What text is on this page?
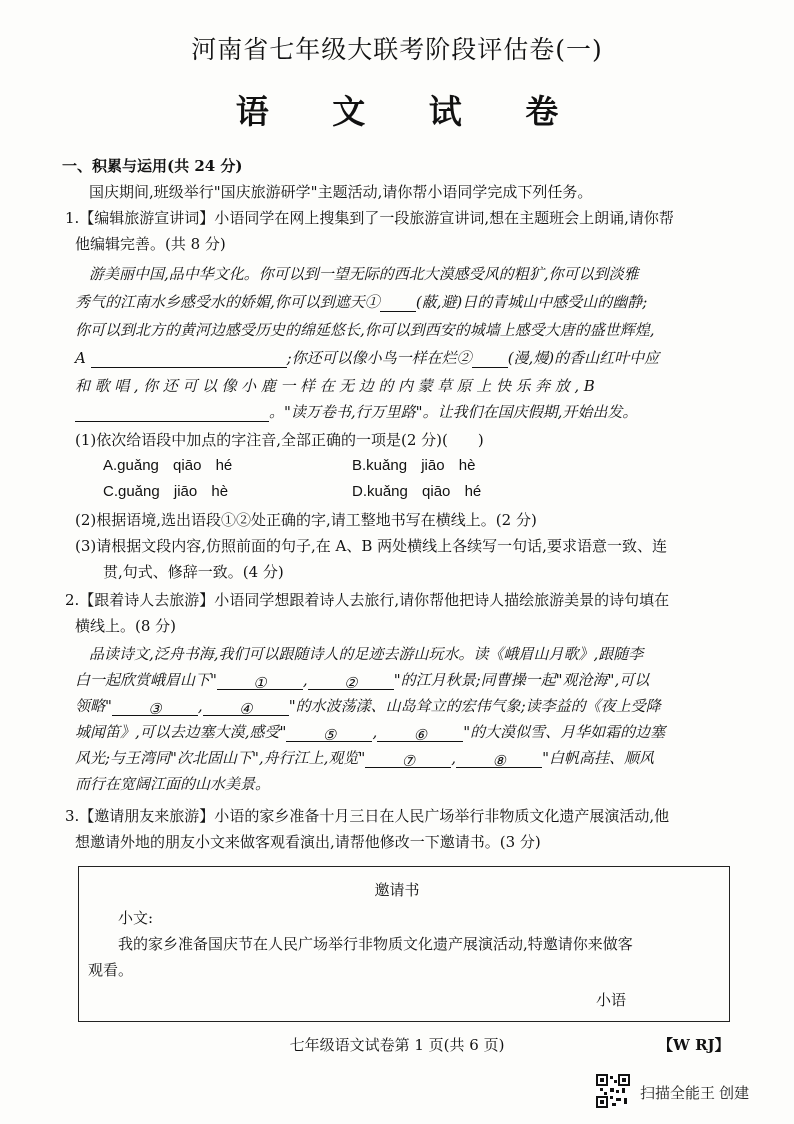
河南省七年级大联考阶段评估卷(一)
语 文 试 卷
一、积累与运用(共 24 分)
国庆期间,班级举行"国庆旅游研学"主题活动,请你帮小语同学完成下列任务。
1.【编辑旅游宣讲词】小语同学在网上搜集到了一段旅游宣讲词,想在主题班会上朗诵,请你帮
他编辑完善。(共 8 分)
游美丽中国,品中华文化。你可以到一望无际的西北大漠感受风的粗犷,你可以到淡雅
秀气的江南水乡感受水的娇媚,你可以到遮天① (蔽,避)日的青城山中感受山的幽静;
你可以到北方的黄河边感受历史的绵延悠长,你可以到西安的城墙上感受大唐的盛世辉煌,
A	;你还可以像小鸟一样在烂② (漫,熳)的香山红叶中应
和歌唱,你还可以像小鹿一样在无边的内蒙草原上快乐奔放,B
。"读万卷书,行万里路"。让我们在国庆假期,开始出发。
(1)依次给语段中加点的字注音,全部正确的一项是(2 分)( )
A.guǎng qiāo hé	B.kuǎng jiāo hè
C.guǎng jiāo hè	D.kuǎng qiāo hé
(2)根据语境,选出语段①②处正确的字,请工整地书写在横线上。(2 分)
(3)请根据文段内容,仿照前面的句子,在 A、B 两处横线上各续写一句话,要求语意一致、连
贯,句式、修辞一致。(4 分)
2.【跟着诗人去旅游】小语同学想跟着诗人去旅行,请你帮他把诗人描绘旅游美景的诗句填在
横线上。(8 分)
品读诗文,泛舟书海,我们可以跟随诗人的足迹去游山玩水。读《峨眉山月歌》,跟随李
白一起欣赏峨眉山下" ① , ② "的江月秋景;同曹操一起"观沧海",可以
领略" ③ , ④ "的水波荡漾、山岛耸立的宏伟气象;读李益的《夜上受降
城闻笛》,可以去边塞大漠,感受" ⑤ , ⑥ "的大漠似雪、月华如霜的边塞
风光;与王湾同"次北固山下",舟行江上,观览" ⑦ , ⑧ "白帆高挂、顺风
而行在宽阔江面的山水美景。
3.【邀请朋友来旅游】小语的家乡准备十月三日在人民广场举行非物质文化遗产展演活动,他
想邀请外地的朋友小文来做客观看演出,请帮他修改一下邀请书。(3 分)
邀请书
小文:
我的家乡准备国庆节在人民广场举行非物质文化遗产展演活动,特邀请你来做客
观看。
小语
七年级语文试卷第 1 页(共 6 页)	【W RJ】
扫描全能王 创建
